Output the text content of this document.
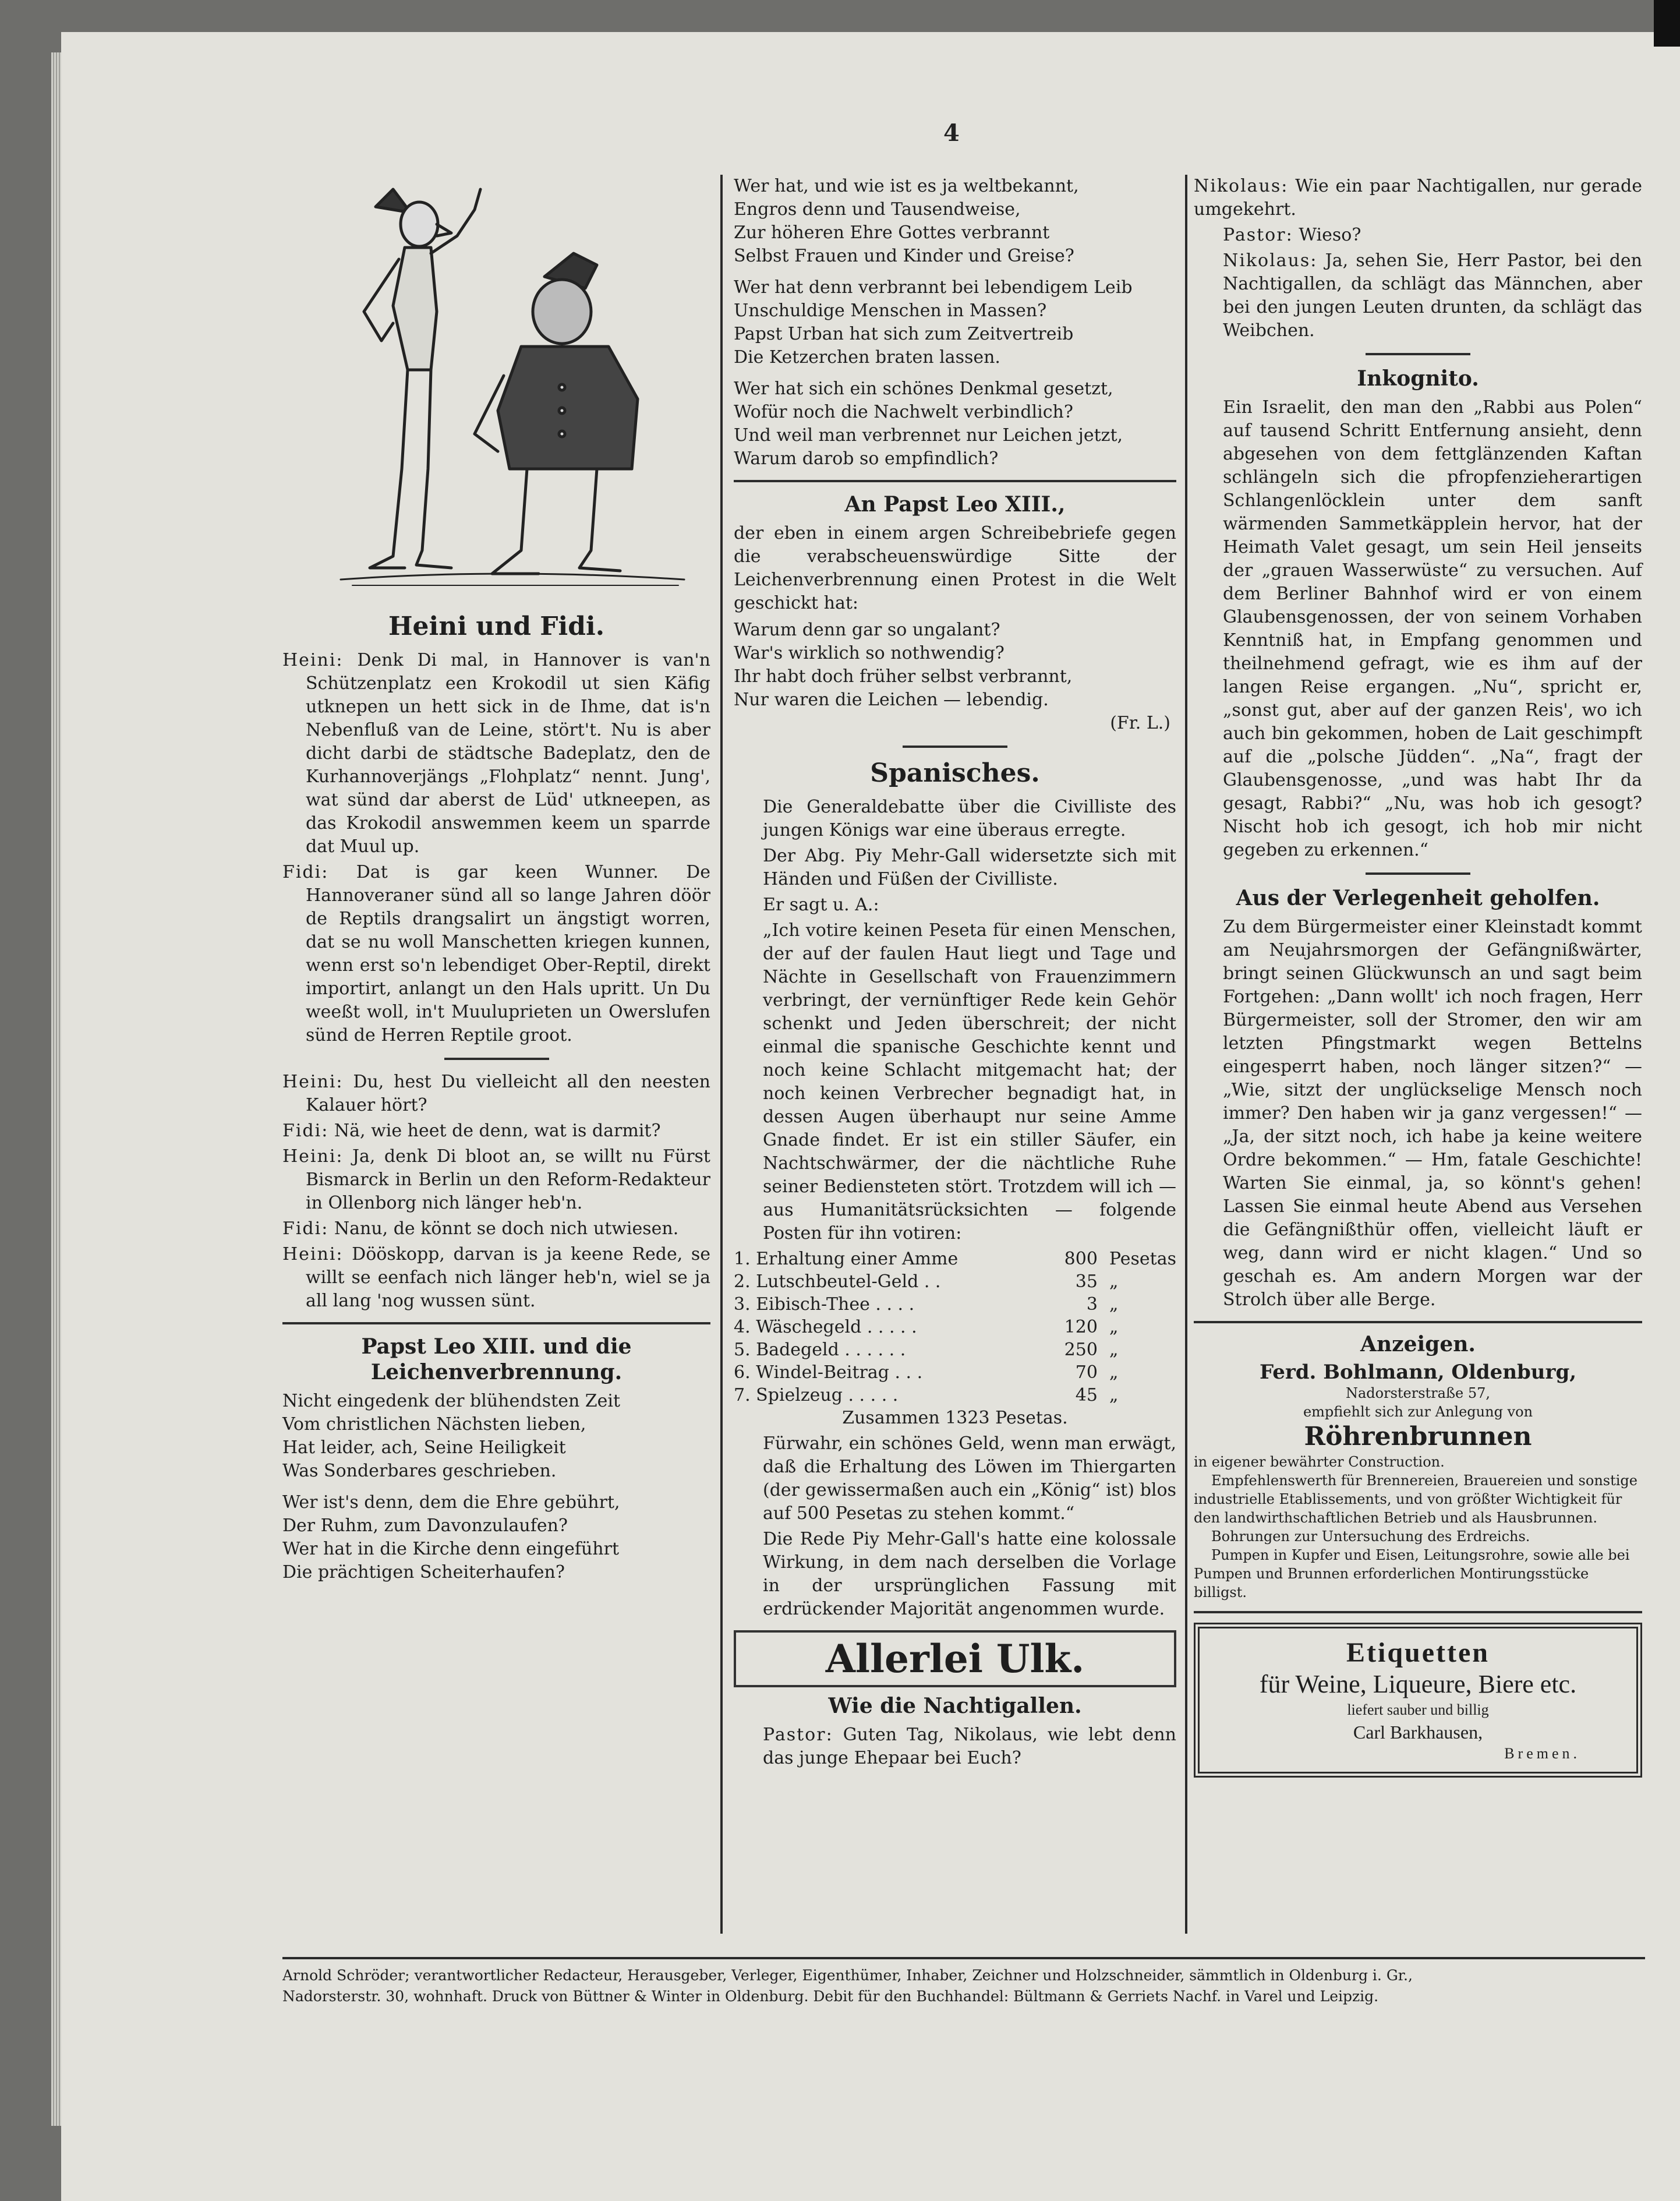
4
Heini und Fidi.

Heini: Denk Di mal, in Hannover is van'n Schützenplatz een Krokodil ut sien Käfig utknepen un hett sick in de Ihme, dat is'n Nebenfluß van de Leine, stört't. Nu is aber dicht darbi de städtsche Badeplatz, den de Kurhannoverjängs „Flohplatz“ nennt. Jung', wat sünd dar aberst de Lüd' utkneepen, as das Krokodil answemmen keem un sparrde dat Muul up.

Fidi: Dat is gar keen Wunner. De Hannoveraner sünd all so lange Jahren döör de Reptils drangsalirt un ängstigt worren, dat se nu woll Manschetten kriegen kunnen, wenn erst so'n lebendiget Ober-Reptil, direkt importirt, anlangt un den Hals upritt. Un Du weeßt woll, in't Muuluprieten un Owerslufen sünd de Herren Reptile groot.

Heini: Du, hest Du vielleicht all den neesten Kalauer hört?

Fidi: Nä, wie heet de denn, wat is darmit?

Heini: Ja, denk Di bloot an, se willt nu Fürst Bismarck in Berlin un den Reform-Redakteur in Ollenborg nich länger heb'n.

Fidi: Nanu, de könnt se doch nich utwiesen.

Heini: Dööskopp, darvan is ja keene Rede, se willt se eenfach nich länger heb'n, wiel se ja all lang 'nog wussen sünt.

Papst Leo XIII. und die Leichenverbrennung.

Nicht eingedenk der blühendsten Zeit

Vom christlichen Nächsten lieben,

Hat leider, ach, Seine Heiligkeit

Was Sonderbares geschrieben.

Wer ist's denn, dem die Ehre gebührt,

Der Ruhm, zum Davonzulaufen?

Wer hat in die Kirche denn eingeführt

Die prächtigen Scheiterhaufen?

Wer hat, und wie ist es ja weltbekannt,

Engros denn und Tausendweise,

Zur höheren Ehre Gottes verbrannt

Selbst Frauen und Kinder und Greise?

Wer hat denn verbrannt bei lebendigem Leib

Unschuldige Menschen in Massen?

Papst Urban hat sich zum Zeitvertreib

Die Ketzerchen braten lassen.

Wer hat sich ein schönes Denkmal gesetzt,

Wofür noch die Nachwelt verbindlich?

Und weil man verbrennet nur Leichen jetzt,

Warum darob so empfindlich?

An Papst Leo XIII.,

der eben in einem argen Schreibebriefe gegen die verabscheuenswürdige Sitte der Leichenverbrennung einen Protest in die Welt geschickt hat:

Warum denn gar so ungalant?

War's wirklich so nothwendig?

Ihr habt doch früher selbst verbrannt,

Nur waren die Leichen — lebendig.

(Fr. L.)

Spanisches.

Die Generaldebatte über die Civilliste des jungen Königs war eine überaus erregte.

Der Abg. Piy Mehr-Gall widersetzte sich mit Händen und Füßen der Civilliste.

Er sagt u. A.:

„Ich votire keinen Peseta für einen Menschen, der auf der faulen Haut liegt und Tage und Nächte in Gesellschaft von Frauenzimmern verbringt, der vernünftiger Rede kein Gehör schenkt und Jeden überschreit; der nicht einmal die spanische Geschichte kennt und noch keine Schlacht mitgemacht hat; der noch keinen Verbrecher begnadigt hat, in dessen Augen überhaupt nur seine Amme Gnade findet. Er ist ein stiller Säufer, ein Nachtschwärmer, der die nächtliche Ruhe seiner Bediensteten stört. Trotzdem will ich — aus Humanitätsrücksichten — folgende Posten für ihn votiren:

1. Erhaltung einer Amme	800	Pesetas
2. Lutschbeutel-Geld . .	35	„
3. Eibisch-Thee . . . .	3	„
4. Wäschegeld . . . . .	120	„
5. Badegeld . . . . . .	250	„
6. Windel-Beitrag . . .	70	„
7. Spielzeug . . . . .	45	„

Zusammen 1323 Pesetas.

Fürwahr, ein schönes Geld, wenn man erwägt, daß die Erhaltung des Löwen im Thiergarten (der gewissermaßen auch ein „König“ ist) blos auf 500 Pesetas zu stehen kommt.“

Die Rede Piy Mehr-Gall's hatte eine kolossale Wirkung, in dem nach derselben die Vorlage in der ursprünglichen Fassung mit erdrückender Majorität angenommen wurde.

Allerlei Ulk.
Wie die Nachtigallen.

Pastor: Guten Tag, Nikolaus, wie lebt denn das junge Ehepaar bei Euch?

Nikolaus: Wie ein paar Nachtigallen, nur gerade umgekehrt.

Pastor: Wieso?

Nikolaus: Ja, sehen Sie, Herr Pastor, bei den Nachtigallen, da schlägt das Männchen, aber bei den jungen Leuten drunten, da schlägt das Weibchen.

Inkognito.

Ein Israelit, den man den „Rabbi aus Polen“ auf tausend Schritt Entfernung ansieht, denn abgesehen von dem fettglänzenden Kaftan schlängeln sich die pfropfenzieherartigen Schlangenlöcklein unter dem sanft wärmenden Sammetkäpplein hervor, hat der Heimath Valet gesagt, um sein Heil jenseits der „grauen Wasserwüste“ zu versuchen. Auf dem Berliner Bahnhof wird er von einem Glaubensgenossen, der von seinem Vorhaben Kenntniß hat, in Empfang genommen und theilnehmend gefragt, wie es ihm auf der langen Reise ergangen. „Nu“, spricht er, „sonst gut, aber auf der ganzen Reis', wo ich auch bin gekommen, hoben de Lait geschimpft auf die „polsche Jüdden“. „Na“, fragt der Glaubensgenosse, „und was habt Ihr da gesagt, Rabbi?“ „Nu, was hob ich gesogt? Nischt hob ich gesogt, ich hob mir nicht gegeben zu erkennen.“

Aus der Verlegenheit geholfen.

Zu dem Bürgermeister einer Kleinstadt kommt am Neujahrsmorgen der Gefängnißwärter, bringt seinen Glückwunsch an und sagt beim Fortgehen: „Dann wollt' ich noch fragen, Herr Bürgermeister, soll der Stromer, den wir am letzten Pfingstmarkt wegen Bettelns eingesperrt haben, noch länger sitzen?“ — „Wie, sitzt der unglückselige Mensch noch immer? Den haben wir ja ganz vergessen!“ — „Ja, der sitzt noch, ich habe ja keine weitere Ordre bekommen.“ — Hm, fatale Geschichte! Warten Sie einmal, ja, so könnt's gehen! Lassen Sie einmal heute Abend aus Versehen die Gefängnißthür offen, vielleicht läuft er weg, dann wird er nicht klagen.“ Und so geschah es. Am andern Morgen war der Strolch über alle Berge.

Anzeigen.
Ferd. Bohlmann, Oldenburg,
Nadorsterstraße 57,
empfiehlt sich zur Anlegung von
Röhrenbrunnen
in eigener bewährter Construction.
Empfehlenswerth für Brennereien, Brauereien und sonstige industrielle Etablissements, und von größter Wichtigkeit für den landwirthschaftlichen Betrieb und als Hausbrunnen.
Bohrungen zur Untersuchung des Erdreichs.
Pumpen in Kupfer und Eisen, Leitungsrohre, sowie alle bei Pumpen und Brunnen erforderlichen Montirungsstücke billigst.
Etiquetten
für Weine, Liqueure, Biere etc.
liefert sauber und billig
Carl Barkhausen,
Bremen.
Arnold Schröder; verantwortlicher Redacteur, Herausgeber, Verleger, Eigenthümer, Inhaber, Zeichner und Holzschneider, sämmtlich in Oldenburg i. Gr.,
Nadorsterstr. 30, wohnhaft. Druck von Büttner & Winter in Oldenburg. Debit für den Buchhandel: Bültmann & Gerriets Nachf. in Varel und Leipzig.
